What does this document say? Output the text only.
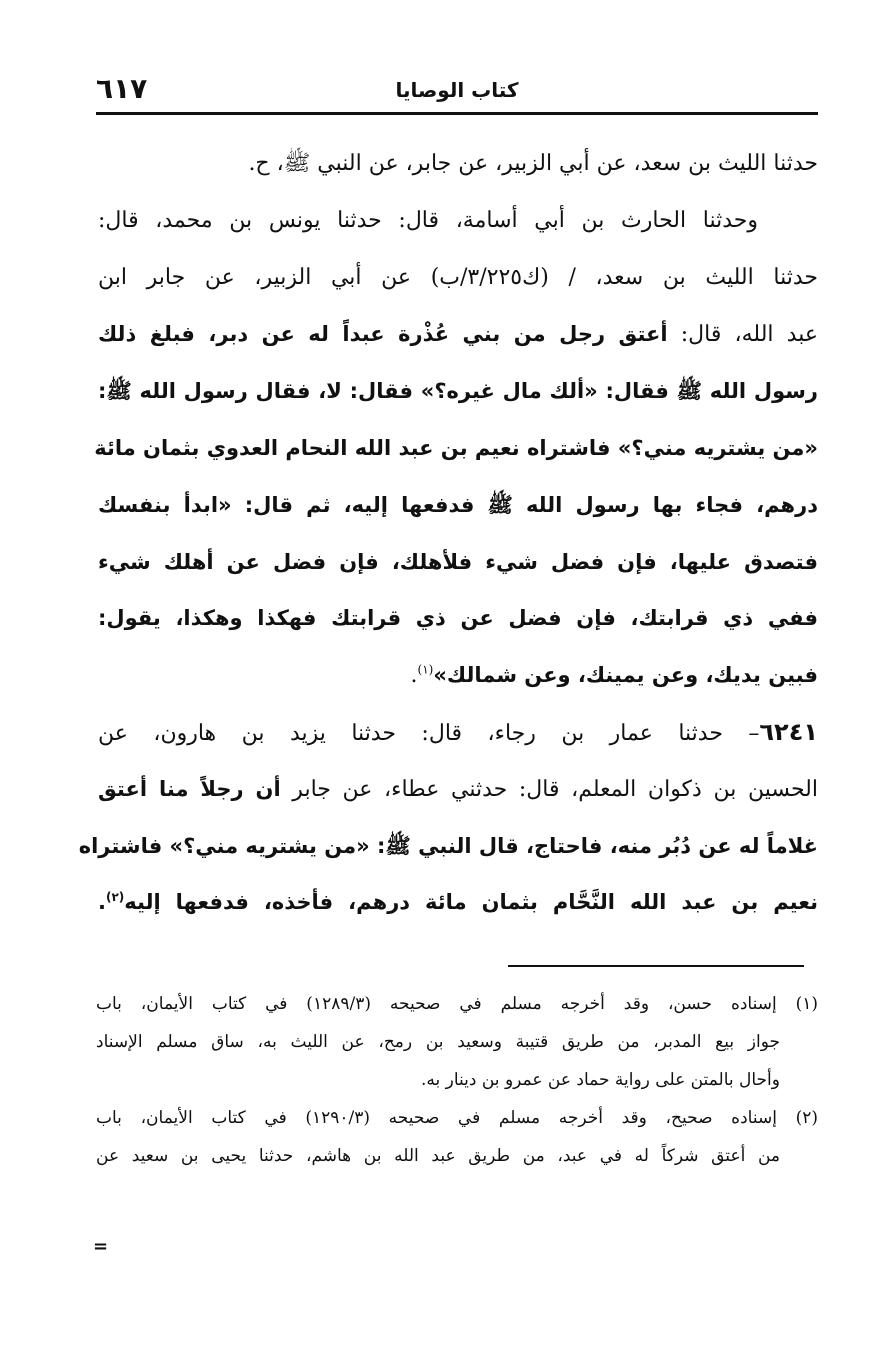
كتاب الوصايا
٦١٧
حدثنا الليث بن سعد، عن أبي الزبير، عن جابر، عن النبي ﷺ، ح.
وحدثنا الحارث بن أبي أسامة، قال: حدثنا يونس بن محمد، قال:
حدثنا الليث بن سعد، / (ك٣/٢٢٥/ب) عن أبي الزبير، عن جابر ابن
عبد الله، قال: أعتق رجل من بني عُذْرة عبداً له عن دبر، فبلغ ذلك
رسول الله ﷺ فقال: «ألك مال غيره؟» فقال: لا، فقال رسول الله ﷺ:
«من يشتريه مني؟» فاشتراه نعيم بن عبد الله النحام العدوي بثمان مائة
درهم، فجاء بها رسول الله ﷺ فدفعها إليه، ثم قال: «ابدأ بنفسك
فتصدق عليها، فإن فضل شيء فلأهلك، فإن فضل عن أهلك شيء
ففي ذي قرابتك، فإن فضل عن ذي قرابتك فهكذا وهكذا، يقول:
فبين يديك، وعن يمينك، وعن شمالك»$^{(١)}$.
٦٢٤١– حدثنا عمار بن رجاء، قال: حدثنا يزيد بن هارون، عن
الحسين بن ذكوان المعلم، قال: حدثني عطاء، عن جابر أن رجلاً منا أعتق
غلاماً له عن دُبُر منه، فاحتاج، قال النبي ﷺ: «من يشتريه مني؟» فاشتراه
نعيم بن عبد الله النَّحَّام بثمان مائة درهم، فأخذه، فدفعها إليه$^{(٢)}$.
(١) إسناده حسن، وقد أخرجه مسلم في صحيحه (١٢٨٩/٣) في كتاب الأيمان، باب
جواز بيع المدبر، من طريق قتيبة وسعيد بن رمح، عن الليث به، ساق مسلم الإسناد
وأحال بالمتن على رواية حماد عن عمرو بن دينار به.
(٢) إسناده صحيح، وقد أخرجه مسلم في صحيحه (١٢٩٠/٣) في كتاب الأيمان، باب
من أعتق شركاً له في عبد، من طريق عبد الله بن هاشم، حدثنا يحيى بن سعيد عن
=
